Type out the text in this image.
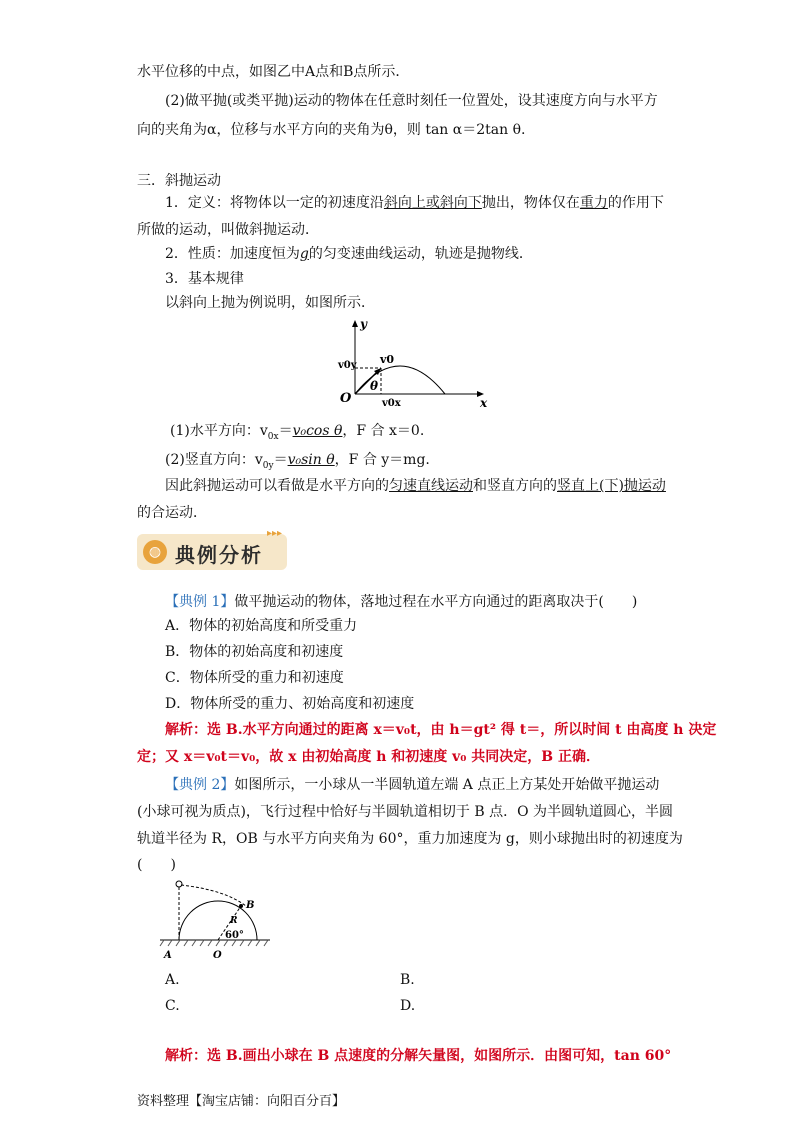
水平位移的中点，如图乙中A点和B点所示．
(2)做平抛(或类平抛)运动的物体在任意时刻任一位置处，设其速度方向与水平方
向的夹角为α，位移与水平方向的夹角为θ，则 tan α＝2tan θ.
三．斜抛运动
1．定义：将物体以一定的初速度沿斜向上或斜向下抛出，物体仅在重力的作用下
所做的运动，叫做斜抛运动．
2．性质：加速度恒为g的匀变速曲线运动，轨迹是抛物线．
3．基本规律
以斜向上抛为例说明，如图所示．
y
x
O
v0y v0
θ
v0x
(1)水平方向：$v_{0x}=v_0\cos$ θ，F 合 x＝0.
(2)竖直方向：$v_{0y}=v_0\sin$ θ，F 合 y＝mg.
因此斜抛运动可以看做是水平方向的匀速直线运动和竖直方向的竖直上(下)抛运动
的合运动．
◍ 典例分析
▸▸▸
【典例 1】做平抛运动的物体，落地过程在水平方向通过的距离取决于(　　)
A．物体的初始高度和所受重力
B．物体的初始高度和初速度
C．物体所受的重力和初速度
D．物体所受的重力、初始高度和初速度
解析：选 B.水平方向通过的距离 x＝v₀t，由 h＝gt² 得 t＝，所以时间 t 由高度 h 决定
定；又 x＝v₀t＝v₀，故 x 由初始高度 h 和初速度 v₀ 共同决定，B 正确．
【典例 2】如图所示，一小球从一半圆轨道左端 A 点正上方某处开始做平抛运动
(小球可视为质点)，飞行过程中恰好与半圆轨道相切于 B 点．O 为半圆轨道圆心，半圆
轨道半径为 R，OB 与水平方向夹角为 60°，重力加速度为 g，则小球抛出时的初速度为
(　　)
B
R
60°
A	O
A.	B.
C.	D.
解析：选 B.画出小球在 B 点速度的分解矢量图，如图所示．由图可知，tan 60°
资料整理【淘宝店铺：向阳百分百】
